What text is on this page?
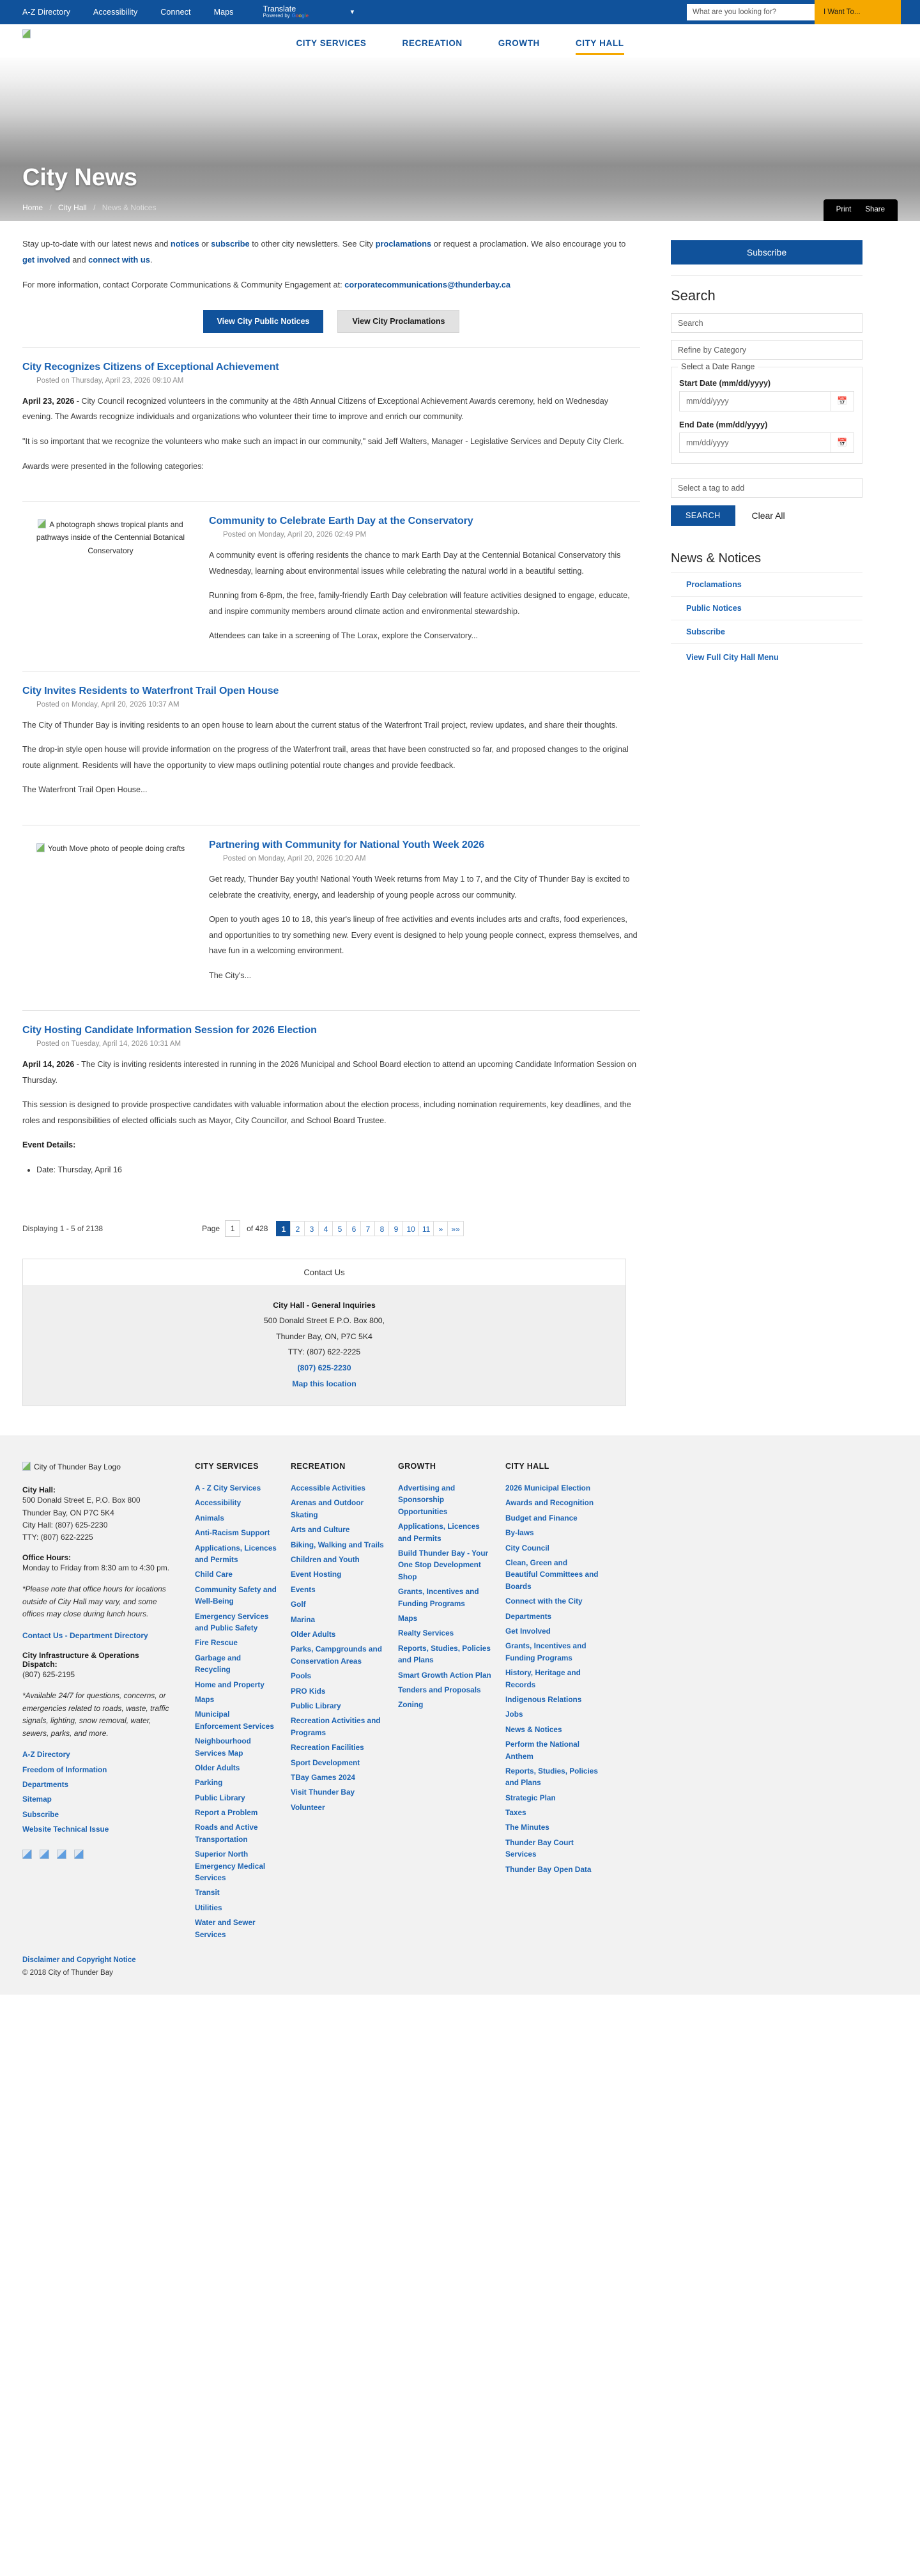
A-Z Directory	Accessibility	Connect	Maps	Translate
Powered by Google
▾	What are you looking for?	I Want To...
CITY SERVICES	RECREATION	GROWTH	CITY HALL
City News
Home / City Hall / News & Notices	Print Share

Stay up-to-date with our latest news and notices or subscribe to other city newsletters. See City proclamations or request a proclamation. We also encourage you to get involved and connect with us.

For more information, contact Corporate Communications & Community Engagement at: corporatecommunications@thunderbay.ca

View City Public Notices	View City Proclamations
City Recognizes Citizens of Exceptional Achievement
Posted on Thursday, April 23, 2026 09:10 AM

April 23, 2026 - City Council recognized volunteers in the community at the 48th Annual Citizens of Exceptional Achievement Awards ceremony, held on Wednesday evening. The Awards recognize individuals and organizations who volunteer their time to improve and enrich our community.

"It is so important that we recognize the volunteers who make such an impact in our community," said Jeff Walters, Manager - Legislative Services and Deputy City Clerk.

Awards were presented in the following categories:

A photograph shows tropical plants and pathways inside of the Centennial Botanical Conservatory
Community to Celebrate Earth Day at the Conservatory
Posted on Monday, April 20, 2026 02:49 PM

A community event is offering residents the chance to mark Earth Day at the Centennial Botanical Conservatory this Wednesday, learning about environmental issues while celebrating the natural world in a beautiful setting.

Running from 6-8pm, the free, family-friendly Earth Day celebration will feature activities designed to engage, educate, and inspire community members around climate action and environmental stewardship.

Attendees can take in a screening of The Lorax, explore the Conservatory...

City Invites Residents to Waterfront Trail Open House
Posted on Monday, April 20, 2026 10:37 AM

The City of Thunder Bay is inviting residents to an open house to learn about the current status of the Waterfront Trail project, review updates, and share their thoughts.

The drop-in style open house will provide information on the progress of the Waterfront trail, areas that have been constructed so far, and proposed changes to the original route alignment. Residents will have the opportunity to view maps outlining potential route changes and provide feedback.

The Waterfront Trail Open House...

Youth Move photo of people doing crafts	Partnering with Community for National Youth Week 2026
Posted on Monday, April 20, 2026 10:20 AM

Get ready, Thunder Bay youth! National Youth Week returns from May 1 to 7, and the City of Thunder Bay is excited to celebrate the creativity, energy, and leadership of young people across our community.

Open to youth ages 10 to 18, this year's lineup of free activities and events includes arts and crafts, food experiences, and opportunities to try something new. Every event is designed to help young people connect, express themselves, and have fun in a welcoming environment.

The City's...

City Hosting Candidate Information Session for 2026 Election
Posted on Tuesday, April 14, 2026 10:31 AM

April 14, 2026 - The City is inviting residents interested in running in the 2026 Municipal and School Board election to attend an upcoming Candidate Information Session on Thursday.

This session is designed to provide prospective candidates with valuable information about the election process, including nomination requirements, key deadlines, and the roles and responsibilities of elected officials such as Mayor, City Councillor, and School Board Trustee.

Event Details:

• Date: Thursday, April 16
Displaying 1 - 5 of 2138	Page
1	of 428	1	2	3	4	5	6	7	8	9	10 11	»	»»
Contact Us
City Hall - General Inquiries
500 Donald Street E P.O. Box 800,
Thunder Bay, ON, P7C 5K4
TTY: (807) 622-2225
(807) 625-2230
Map this location
Subscribe
Search
Search
Refine by Category
Select a Date Range
Start Date (mm/dd/yyyy)
mm/dd/yyyy	📅
End Date (mm/dd/yyyy)
mm/dd/yyyy	📅
Select a tag to add
SEARCH	Clear All
News & Notices
Proclamations
Public Notices
Subscribe
View Full City Hall Menu
City of Thunder Bay Logo
City Hall:
500 Donald Street E, P.O. Box 800
Thunder Bay, ON P7C 5K4
City Hall: (807) 625-2230
TTY: (807) 622-2225
Office Hours:
Monday to Friday from 8:30 am to 4:30 pm.
*Please note that office hours for locations outside of City Hall may vary, and some offices may close during lunch hours.
Contact Us - Department Directory
City Infrastructure & Operations Dispatch:
(807) 625-2195
*Available 24/7 for questions, concerns, or emergencies related to roads, waste, traffic signals, lighting, snow removal, water, sewers, parks, and more.
A-Z Directory
Freedom of Information
Departments
Sitemap
Subscribe
Website Technical Issue
CITY SERVICES
A - Z City Services
Accessibility
Animals
Anti-Racism Support
Applications, Licences and Permits
Child Care
Community Safety and Well-Being
Emergency Services and Public Safety
Fire Rescue
Garbage and Recycling
Home and Property
Maps
Municipal Enforcement Services
Neighbourhood Services Map
Older Adults
Parking
Public Library
Report a Problem
Roads and Active Transportation
Superior North Emergency Medical Services
Transit
Utilities
Water and Sewer Services
RECREATION
Accessible Activities
Arenas and Outdoor Skating
Arts and Culture
Biking, Walking and Trails
Children and Youth
Event Hosting
Events
Golf
Marina
Older Adults
Parks, Campgrounds and Conservation Areas
Pools
PRO Kids
Public Library
Recreation Activities and Programs
Recreation Facilities
Sport Development
TBay Games 2024
Visit Thunder Bay
Volunteer
GROWTH
Advertising and Sponsorship Opportunities
Applications, Licences and Permits
Build Thunder Bay - Your One Stop Development Shop
Grants, Incentives and Funding Programs
Maps
Realty Services
Reports, Studies, Policies and Plans
Smart Growth Action Plan
Tenders and Proposals
Zoning
CITY HALL
2026 Municipal Election
Awards and Recognition
Budget and Finance
By-laws
City Council
Clean, Green and Beautiful Committees and Boards
Connect with the City
Departments
Get Involved
Grants, Incentives and Funding Programs
History, Heritage and Records
Indigenous Relations
Jobs
News & Notices
Perform the National Anthem
Reports, Studies, Policies and Plans
Strategic Plan
Taxes
The Minutes
Thunder Bay Court Services
Thunder Bay Open Data
Disclaimer and Copyright Notice
© 2018 City of Thunder Bay
